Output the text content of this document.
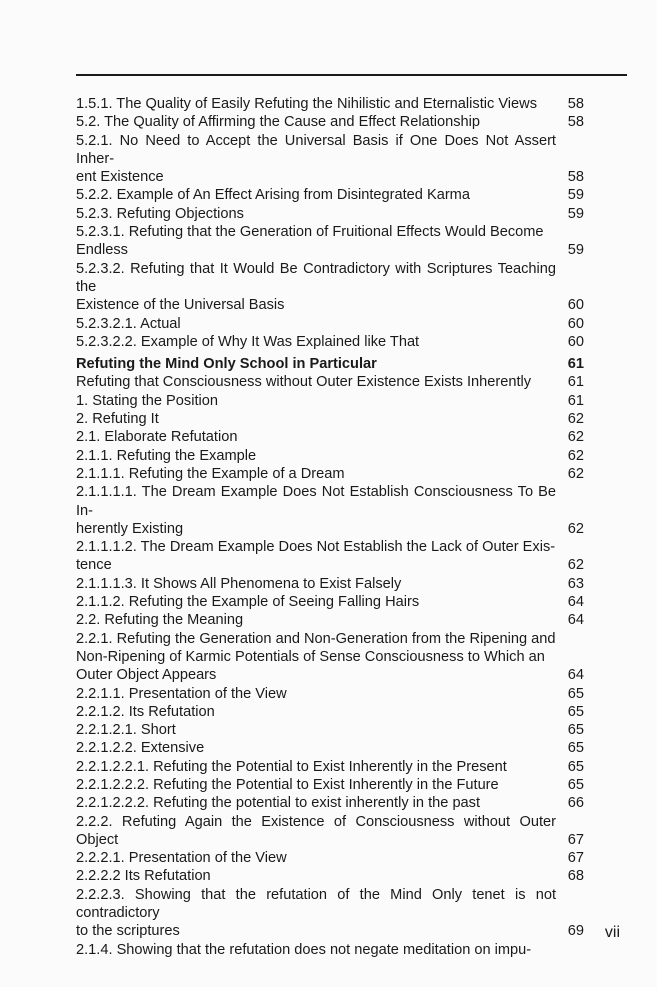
1.5.1. The Quality of Easily Refuting the Nihilistic and Eternalistic Views	58
5.2. The Quality of Affirming the Cause and Effect Relationship	58
5.2.1. No Need to Accept the Universal Basis if One Does Not Assert Inher-
ent Existence	58
5.2.2. Example of An Effect Arising from Disintegrated Karma	59
5.2.3. Refuting Objections	59
5.2.3.1. Refuting that the Generation of Fruitional Effects Would Become
Endless	59
5.2.3.2. Refuting that It Would Be Contradictory with Scriptures Teaching the
Existence of the Universal Basis	60
5.2.3.2.1. Actual	60
5.2.3.2.2. Example of Why It Was Explained like That	60
Refuting the Mind Only School in Particular	61
Refuting that Consciousness without Outer Existence Exists Inherently	61
1. Stating the Position	61
2. Refuting It	62
2.1. Elaborate Refutation	62
2.1.1. Refuting the Example	62
2.1.1.1. Refuting the Example of a Dream	62
2.1.1.1.1. The Dream Example Does Not Establish Consciousness To Be In-
herently Existing	62
2.1.1.1.2. The Dream Example Does Not Establish the Lack of Outer Exis-
tence	62
2.1.1.1.3. It Shows All Phenomena to Exist Falsely	63
2.1.1.2. Refuting the Example of Seeing Falling Hairs	64
2.2. Refuting the Meaning	64
2.2.1. Refuting the Generation and Non-Generation from the Ripening and
Non-Ripening of Karmic Potentials of Sense Consciousness to Which an
Outer Object Appears	64
2.2.1.1. Presentation of the View	65
2.2.1.2. Its Refutation	65
2.2.1.2.1. Short	65
2.2.1.2.2. Extensive	65
2.2.1.2.2.1. Refuting the Potential to Exist Inherently in the Present	65
2.2.1.2.2.2. Refuting the Potential to Exist Inherently in the Future	65
2.2.1.2.2.2. Refuting the potential to exist inherently in the past	66
2.2.2. Refuting Again the Existence of Consciousness without Outer Object	67
2.2.2.1. Presentation of the View	67
2.2.2.2 Its Refutation	68
2.2.2.3. Showing that the refutation of the Mind Only tenet is not contradictory
to the scriptures	69
2.1.4. Showing that the refutation does not negate meditation on impu-
vii
